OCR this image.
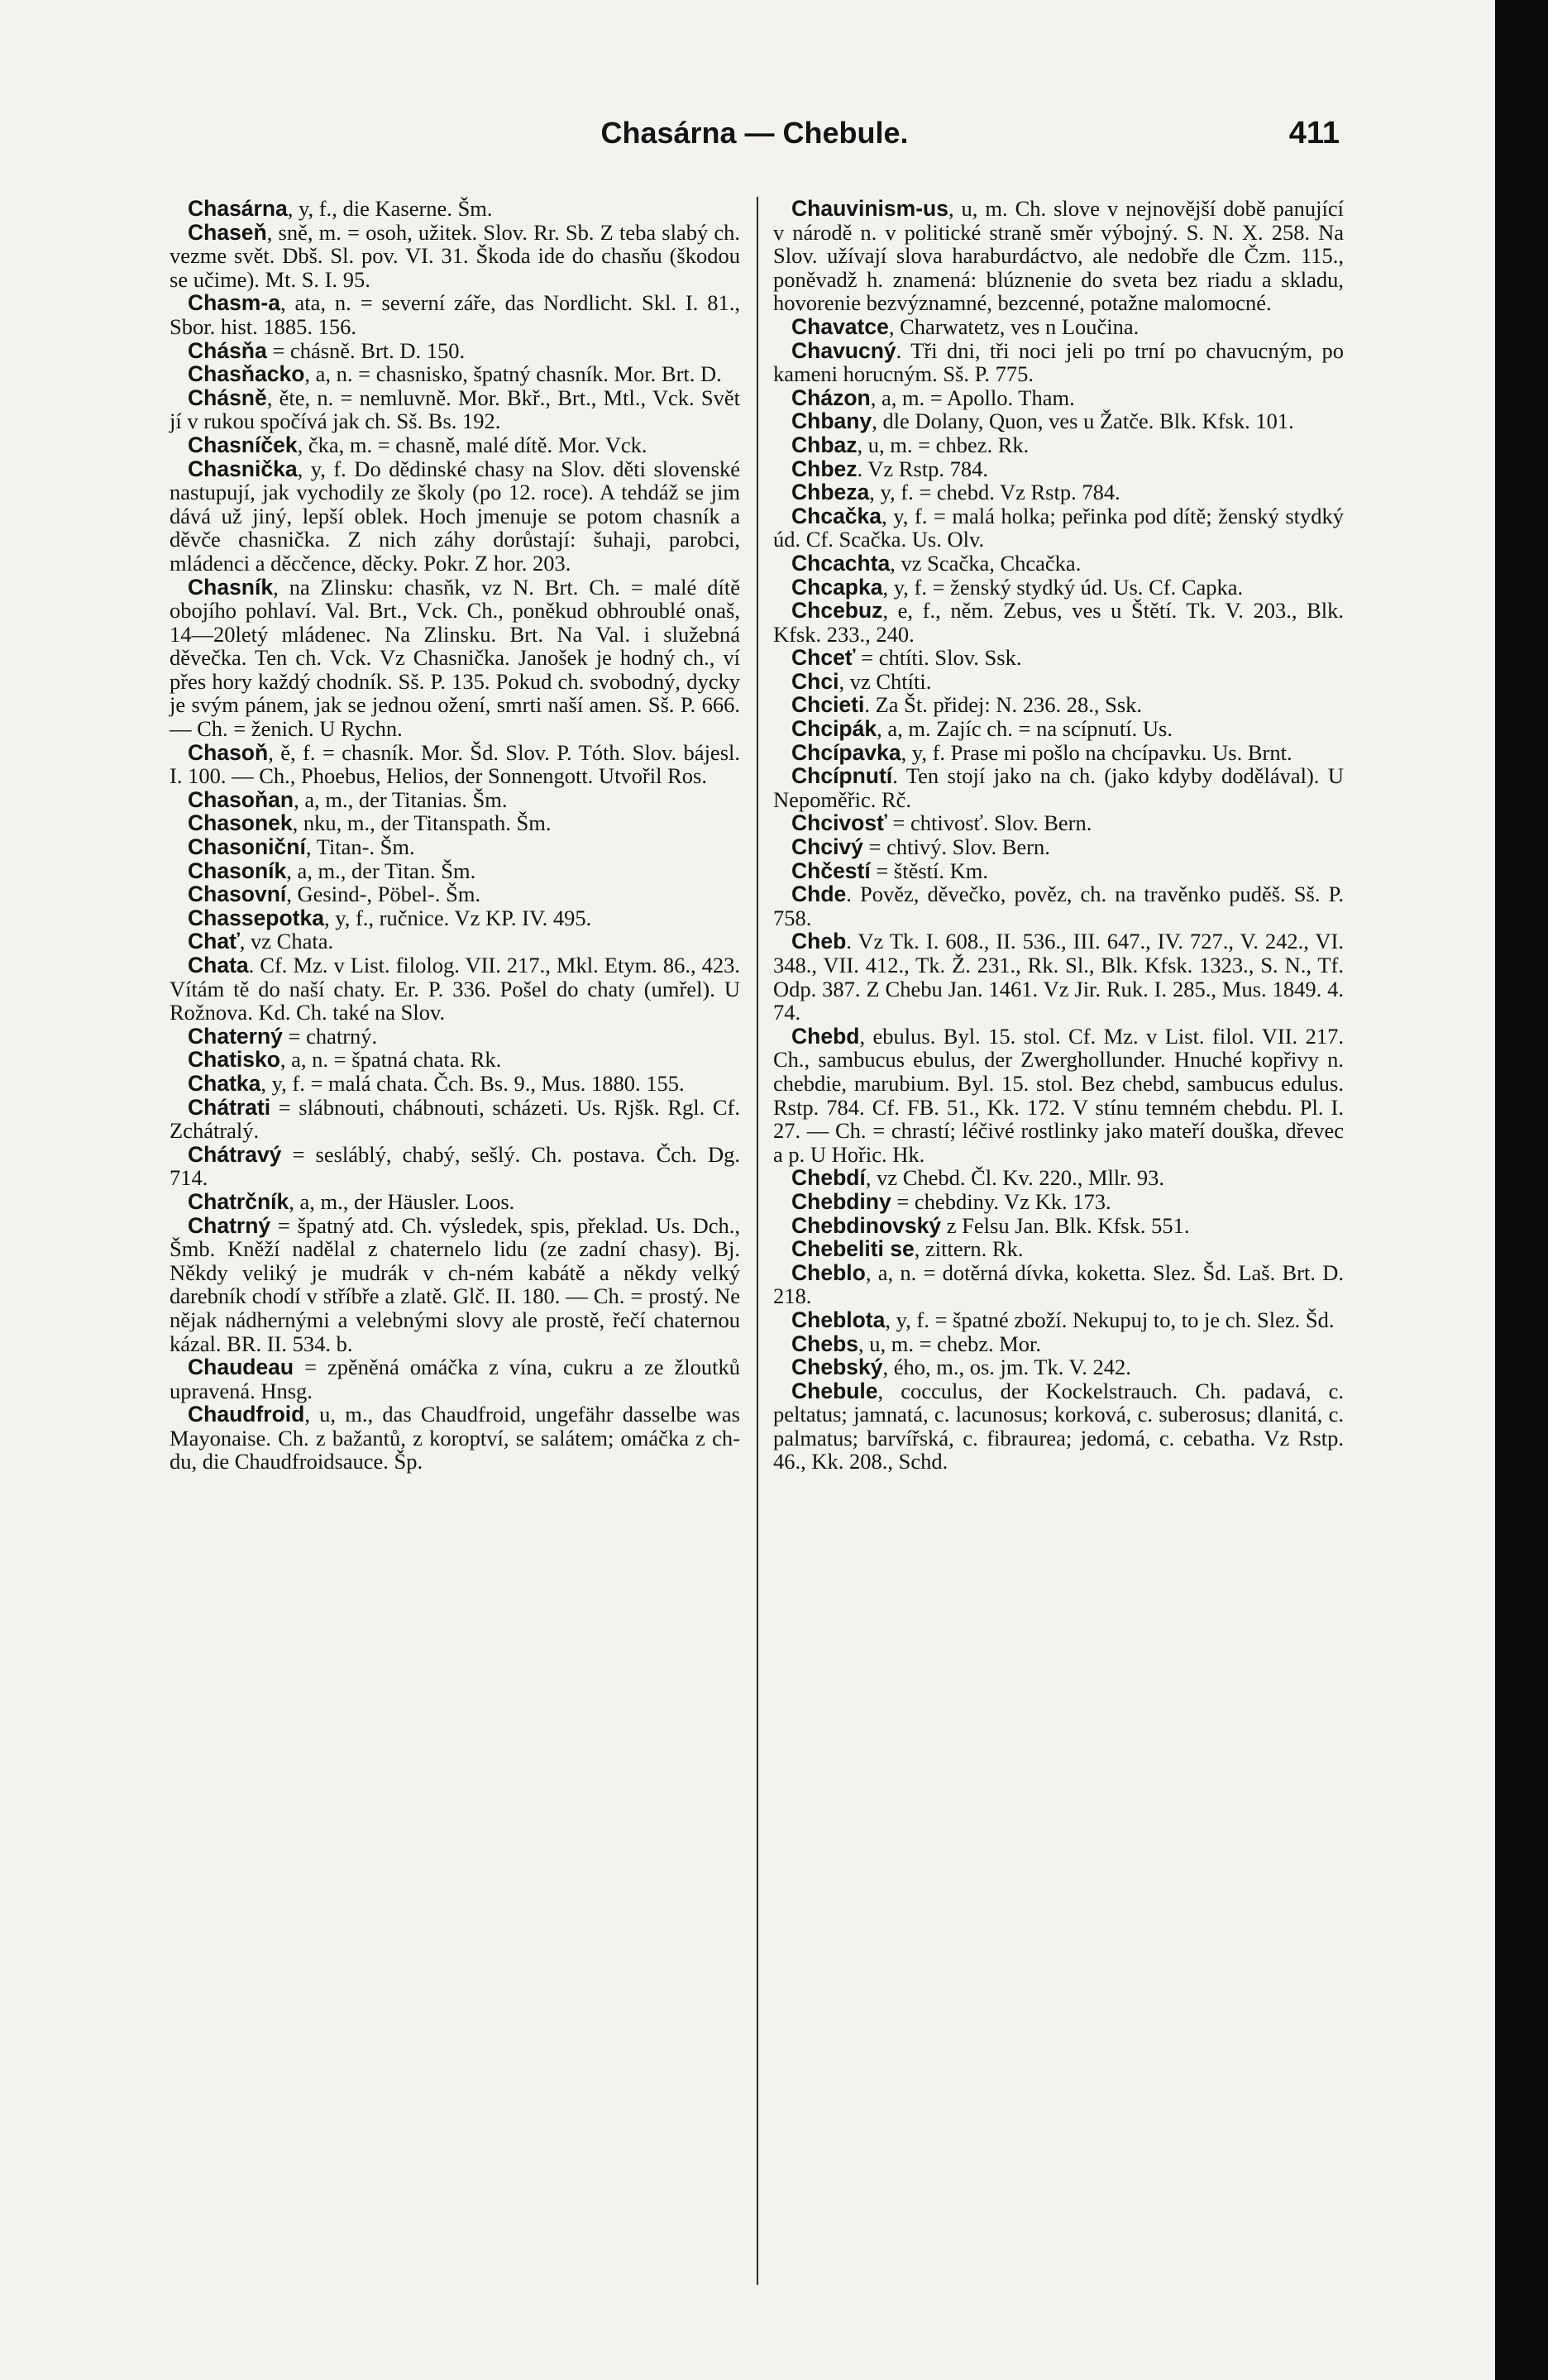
Chasárna — Chebule.	411

Chasárna, y, f., die Kaserne. Šm.

Chaseň, sně, m. = osoh, užitek. Slov. Rr. Sb. Z teba slabý ch. vezme svět. Dbš. Sl. pov. VI. 31. Škoda ide do chasňu (škodou se učime). Mt. S. I. 95.

Chasm-a, ata, n. = severní záře, das Nordlicht. Skl. I. 81., Sbor. hist. 1885. 156.

Chásňa = chásně. Brt. D. 150.

Chasňacko, a, n. = chasnisko, špatný chasník. Mor. Brt. D.

Chásně, ěte, n. = nemluvně. Mor. Bkř., Brt., Mtl., Vck. Svět jí v rukou spočívá jak ch. Sš. Bs. 192.

Chasníček, čka, m. = chasně, malé dítě. Mor. Vck.

Chasnička, y, f. Do dědinské chasy na Slov. děti slovenské nastupují, jak vychodily ze školy (po 12. roce). A tehdáž se jim dává už jiný, lepší oblek. Hoch jmenuje se potom chasník a děvče chasnička. Z nich záhy dorůstají: šuhaji, parobci, mládenci a děcčence, děcky. Pokr. Z hor. 203.

Chasník, na Zlinsku: chasňk, vz N. Brt. Ch. = malé dítě obojího pohlaví. Val. Brt., Vck. Ch., poněkud obhroublé onaš, 14—20letý mládenec. Na Zlinsku. Brt. Na Val. i služebná děvečka. Ten ch. Vck. Vz Chasnička. Janošek je hodný ch., ví přes hory každý chodník. Sš. P. 135. Pokud ch. svobodný, dycky je svým pánem, jak se jednou ožení, smrti naší amen. Sš. P. 666. — Ch. = ženich. U Rychn.

Chasoň, ě, f. = chasník. Mor. Šd. Slov. P. Tóth. Slov. bájesl. I. 100. — Ch., Phoebus, Helios, der Sonnengott. Utvořil Ros.

Chasoňan, a, m., der Titanias. Šm.

Chasonek, nku, m., der Titanspath. Šm.

Chasoniční, Titan-. Šm.

Chasoník, a, m., der Titan. Šm.

Chasovní, Gesind-, Pöbel-. Šm.

Chassepotka, y, f., ručnice. Vz KP. IV. 495.

Chať, vz Chata.

Chata. Cf. Mz. v List. filolog. VII. 217., Mkl. Etym. 86., 423. Vítám tě do naší chaty. Er. P. 336. Pošel do chaty (umřel). U Rožnova. Kd. Ch. také na Slov.

Chaterný = chatrný.

Chatisko, a, n. = špatná chata. Rk.

Chatka, y, f. = malá chata. Čch. Bs. 9., Mus. 1880. 155.

Chátrati = slábnouti, chábnouti, scházeti. Us. Rjšk. Rgl. Cf. Zchátralý.

Chátravý = sesláblý, chabý, sešlý. Ch. postava. Čch. Dg. 714.

Chatrčník, a, m., der Häusler. Loos.

Chatrný = špatný atd. Ch. výsledek, spis, překlad. Us. Dch., Šmb. Kněží nadělal z chaternelo lidu (ze zadní chasy). Bj. Někdy veliký je mudrák v ch-ném kabátě a někdy velký darebník chodí v stříbře a zlatě. Glč. II. 180. — Ch. = prostý. Ne nějak nádhernými a velebnými slovy ale prostě, řečí chaternou kázal. BR. II. 534. b.

Chaudeau = zpěněná omáčka z vína, cukru a ze žloutků upravená. Hnsg.

Chaudfroid, u, m., das Chaudfroid, ungefähr dasselbe was Mayonaise. Ch. z bažantů, z koroptví, se salátem; omáčka z ch-du, die Chaudfroidsauce. Šp.

Chauvinism-us, u, m. Ch. slove v nejnovější době panující v národě n. v politické straně směr výbojný. S. N. X. 258. Na Slov. užívají slova haraburdáctvo, ale nedobře dle Čzm. 115., poněvadž h. znamená: blúznenie do sveta bez riadu a skladu, hovorenie bezvýznamné, bezcenné, potažne malomocné.

Chavatce, Charwatetz, ves n Loučina.

Chavucný. Tři dni, tři noci jeli po trní po chavucným, po kameni horucným. Sš. P. 775.

Cházon, a, m. = Apollo. Tham.

Chbany, dle Dolany, Quon, ves u Žatče. Blk. Kfsk. 101.

Chbaz, u, m. = chbez. Rk.

Chbez. Vz Rstp. 784.

Chbeza, y, f. = chebd. Vz Rstp. 784.

Chcačka, y, f. = malá holka; peřinka pod dítě; ženský stydký úd. Cf. Scačka. Us. Olv.

Chcachta, vz Scačka, Chcačka.

Chcapka, y, f. = ženský stydký úd. Us. Cf. Capka.

Chcebuz, e, f., něm. Zebus, ves u Štětí. Tk. V. 203., Blk. Kfsk. 233., 240.

Chceť = chtíti. Slov. Ssk.

Chci, vz Chtíti.

Chcieti. Za Št. přidej: N. 236. 28., Ssk.

Chcipák, a, m. Zajíc ch. = na scípnutí. Us.

Chcípavka, y, f. Prase mi pošlo na chcípavku. Us. Brnt.

Chcípnutí. Ten stojí jako na ch. (jako kdyby dodělával). U Nepoměřic. Rč.

Chcivosť = chtivosť. Slov. Bern.

Chcivý = chtivý. Slov. Bern.

Chčestí = štěstí. Km.

Chde. Pověz, děvečko, pověz, ch. na travěnko puděš. Sš. P. 758.

Cheb. Vz Tk. I. 608., II. 536., III. 647., IV. 727., V. 242., VI. 348., VII. 412., Tk. Ž. 231., Rk. Sl., Blk. Kfsk. 1323., S. N., Tf. Odp. 387. Z Chebu Jan. 1461. Vz Jir. Ruk. I. 285., Mus. 1849. 4. 74.

Chebd, ebulus. Byl. 15. stol. Cf. Mz. v List. filol. VII. 217. Ch., sambucus ebulus, der Zwerghollunder. Hnuché kopřivy n. chebdie, marubium. Byl. 15. stol. Bez chebd, sambucus edulus. Rstp. 784. Cf. FB. 51., Kk. 172. V stínu temném chebdu. Pl. I. 27. — Ch. = chrastí; léčivé rostlinky jako mateří douška, dřevec a p. U Hořic. Hk.

Chebdí, vz Chebd. Čl. Kv. 220., Mllr. 93.

Chebdiny = chebdiny. Vz Kk. 173.

Chebdinovský z Felsu Jan. Blk. Kfsk. 551.

Chebeliti se, zittern. Rk.

Cheblo, a, n. = dotěrná dívka, koketta. Slez. Šd. Laš. Brt. D. 218.

Cheblota, y, f. = špatné zboží. Nekupuj to, to je ch. Slez. Šd.

Chebs, u, m. = chebz. Mor.

Chebský, ého, m., os. jm. Tk. V. 242.

Chebule, cocculus, der Kockelstrauch. Ch. padavá, c. peltatus; jamnatá, c. lacunosus; korková, c. suberosus; dlanitá, c. palmatus; barvířská, c. fibraurea; jedomá, c. cebatha. Vz Rstp. 46., Kk. 208., Schd.
